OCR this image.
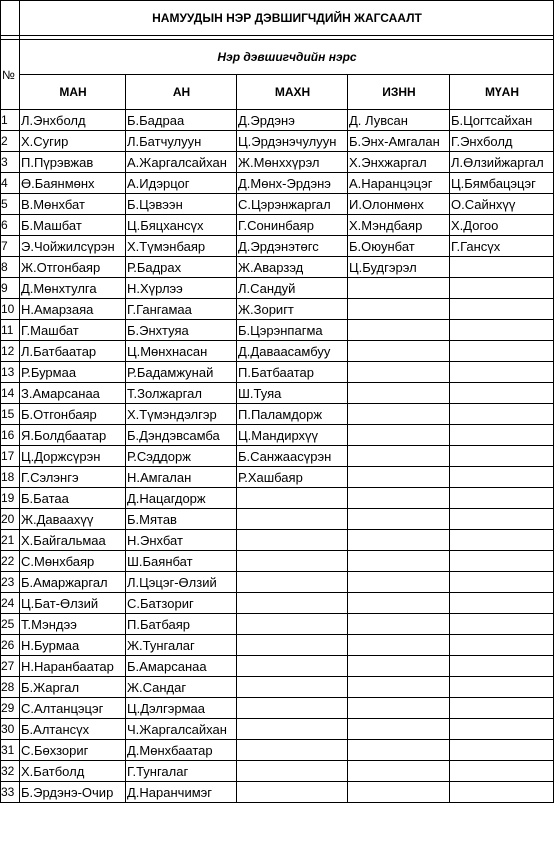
	НАМУУДЫН НЭР ДЭВШИГЧДИЙН ЖАГСААЛТ				

№	Нэр дэвшигчдийн нэрс				
	МАН	АН	МАХН	ИЗНН	МҮАН
1	Л.Энхболд	Б.Бадраа	Д.Эрдэнэ	Д. Лувсан	Б.Цогтсайхан
2	Х.Сугир	Л.Батчулуун	Ц.Эрдэнэчулуун	Б.Энх-Амгалан	Г.Энхболд
3	П.Пүрэвжав	А.Жаргалсайхан	Ж.Мөнххүрэл	Х.Энхжаргал	Л.Өлзийжаргал
4	Ө.Баянмөнх	А.Идэрцог	Д.Мөнх-Эрдэнэ	А.Наранцэцэг	Ц.Бямбацэцэг
5	В.Мөнхбат	Б.Цэвээн	С.Цэрэнжаргал	И.Олонмөнх	О.Сайнхүү
6	Б.Машбат	Ц.Бяцхансүх	Г.Сонинбаяр	Х.Мэндбаяр	Х.Догоо
7	Э.Чойжилсүрэн	Х.Түмэнбаяр	Д.Эрдэнэтөгс	Б.Оюунбат	Г.Гансүх
8	Ж.Отгонбаяр	Р.Бадрах	Ж.Аварзэд	Ц.Будгэрэл	
9	Д.Мөнхтулга	Н.Хүрлээ	Л.Сандуй		
10	Н.Амарзаяа	Г.Гангамаа	Ж.Зоригт		
11	Г.Машбат	Б.Энхтуяа	Б.Цэрэнпагма		
12	Л.Батбаатар	Ц.Мөнхнасан	Д.Даваасамбуу		
13	Р.Бурмаа	Р.Бадамжунай	П.Батбаатар		
14	З.Амарсанаа	Т.Золжаргал	Ш.Туяа		
15	Б.Отгонбаяр	Х.Түмэндэлгэр	П.Паламдорж		
16	Я.Болдбаатар	Б.Дэндэвсамба	Ц.Мандирхүү		
17	Ц.Доржсүрэн	Р.Сэддорж	Б.Санжаасүрэн		
18	Г.Сэлэнгэ	Н.Амгалан	Р.Хашбаяр		
19	Б.Батаа	Д.Нацагдорж			
20	Ж.Даваахүү	Б.Мятав			
21	Х.Байгальмаа	Н.Энхбат			
22	С.Мөнхбаяр	Ш.Баянбат			
23	Б.Амаржаргал	Л.Цэцэг-Өлзий			
24	Ц.Бат-Өлзий	С.Батзориг			
25	Т.Мэндээ	П.Батбаяр			
26	Н.Бурмаа	Ж.Тунгалаг			
27	Н.Наранбаатар	Б.Амарсанаа			
28	Б.Жаргал	Ж.Сандаг			
29	С.Алтанцэцэг	Ц.Дэлгэрмаа			
30	Б.Алтансүх	Ч.Жаргалсайхан			
31	С.Бөхзориг	Д.Мөнхбаатар			
32	Х.Батболд	Г.Тунгалаг			
33	Б.Эрдэнэ-Очир	Д.Наранчимэг			
